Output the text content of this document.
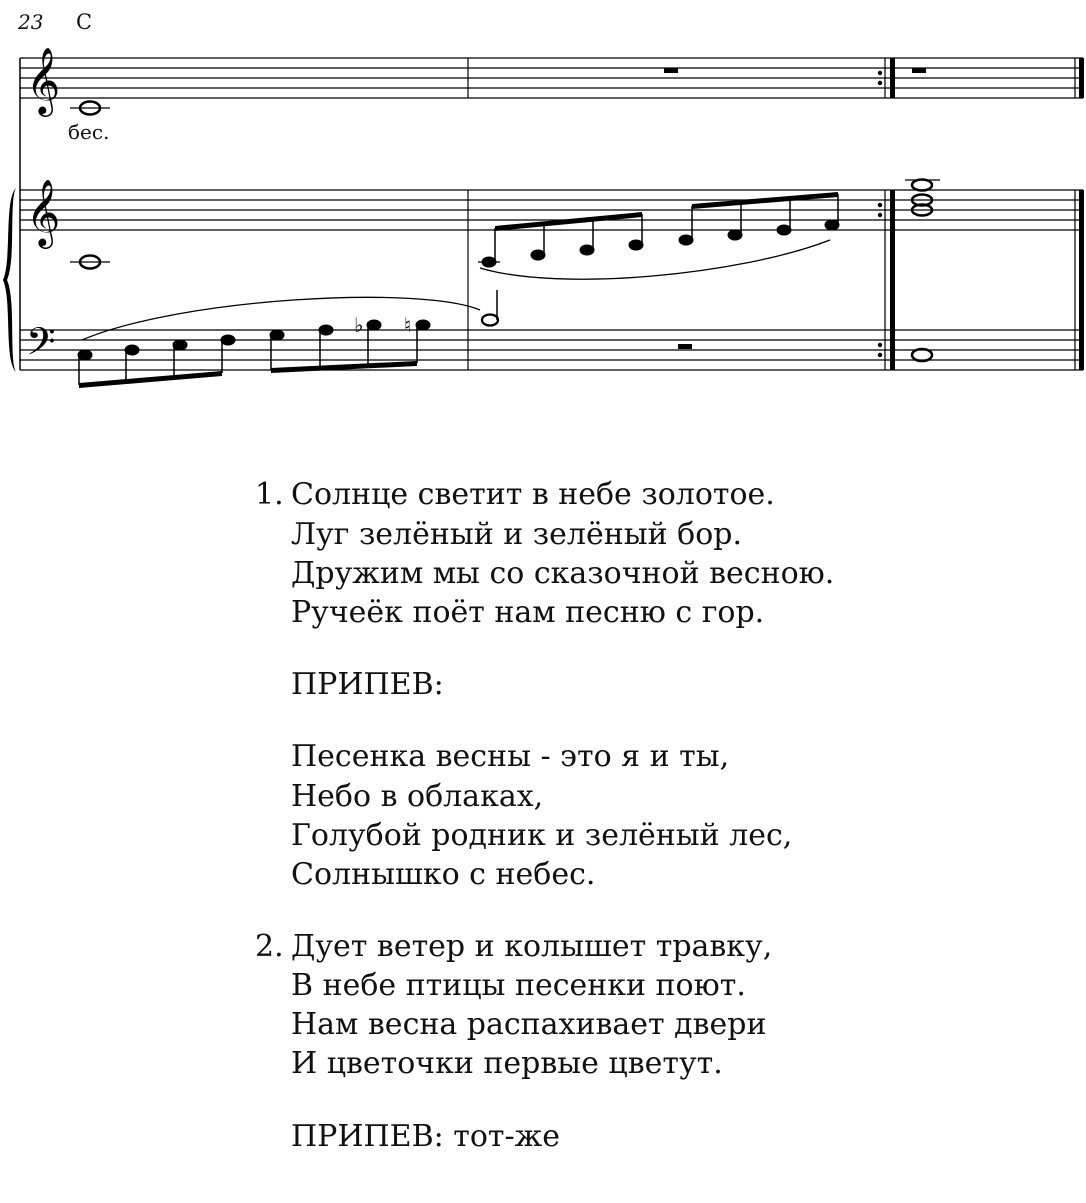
𝄞
𝄞
𝄢	♭ ♮
23 C
бес.
1. Солнце светит в небе золотое.
Луг зелёный и зелёный бор.
Дружим мы со сказочной весною.
Ручеёк поёт нам песню с гор.
ПРИПЕВ:
Песенка весны - это я и ты,
Небо в облаках,
Голубой родник и зелёный лес,
Солнышко с небес.
2. Дует ветер и колышет травку,
В небе птицы песенки поют.
Нам весна распахивает двери
И цветочки первые цветут.
ПРИПЕВ: тот-же
